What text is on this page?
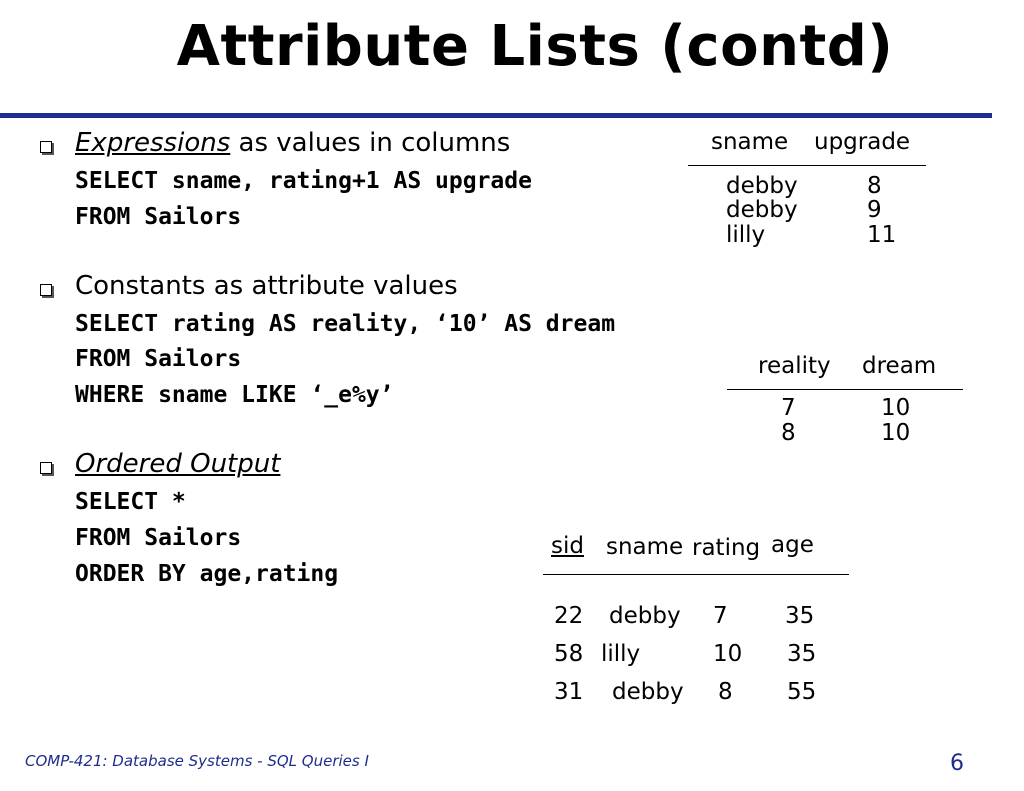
Attribute Lists (contd)
Expressions as values in columns
SELECT sname, rating+1 AS upgrade
FROM Sailors
sname upgrade
debby	8
debby	9
lilly	11
Constants as attribute values
SELECT rating AS reality, ‘10’ AS dream
FROM Sailors
WHERE sname LIKE ‘_e%y’
reality dream
7	10
8	10
Ordered Output
SELECT *
FROM Sailors
ORDER BY age,rating
sid sname rating age
22 debby 7 35
58 lilly	10 35
31 debby 8 55
COMP-421: Database Systems - SQL Queries I	6
